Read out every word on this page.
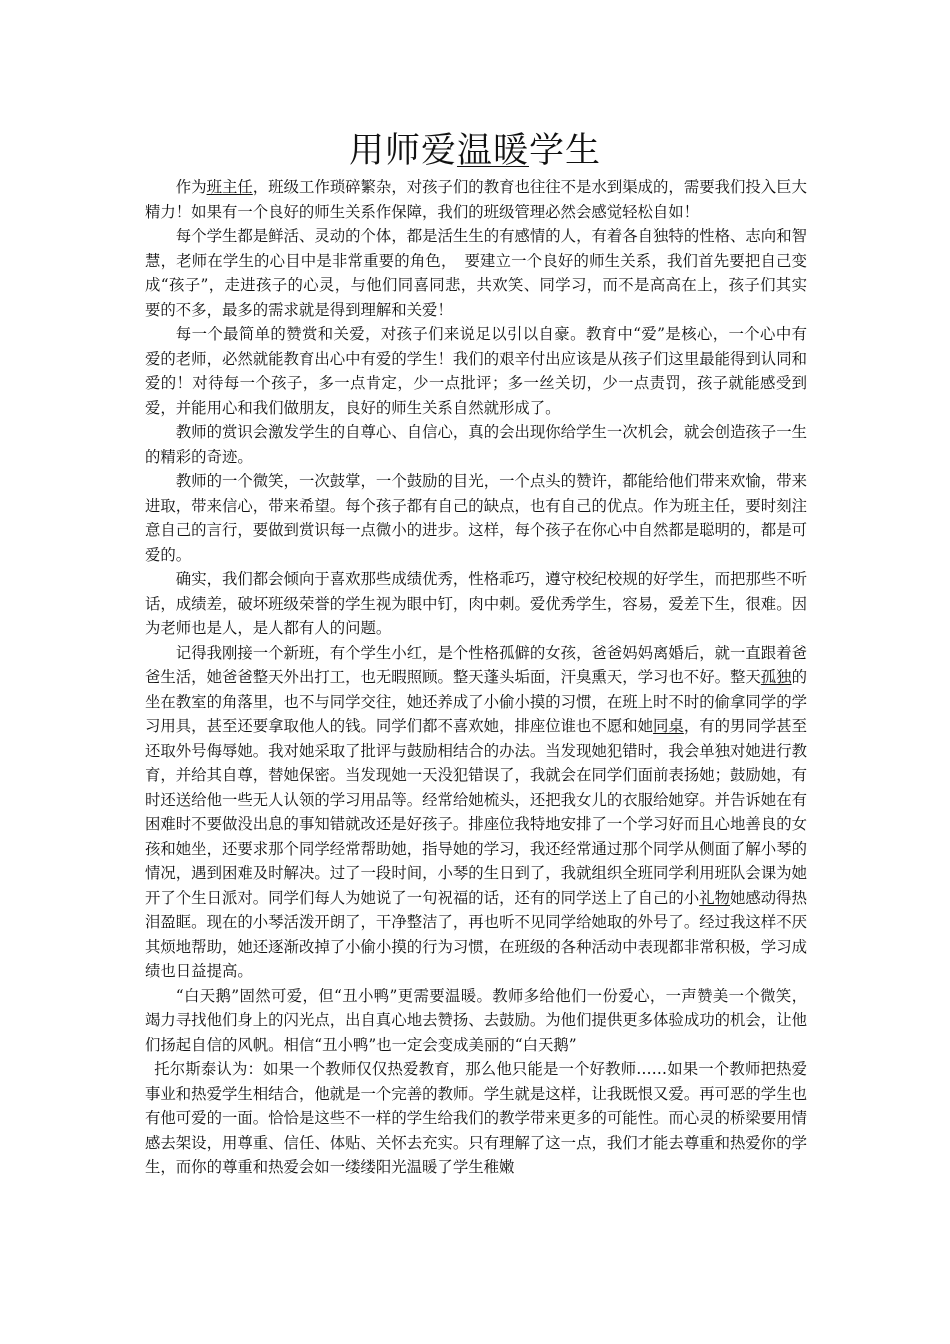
用师爱温暖学生

作为班主任，班级工作琐碎繁杂，对孩子们的教育也往往不是水到渠成的，需要我们投入巨大精力！如果有一个良好的师生关系作保障，我们的班级管理必然会感觉轻松自如！

每个学生都是鲜活、灵动的个体，都是活生生的有感情的人，有着各自独特的性格、志向和智慧，老师在学生的心目中是非常重要的角色，　要建立一个良好的师生关系，我们首先要把自己变成“孩子”，走进孩子的心灵，与他们同喜同悲，共欢笑、同学习，而不是高高在上，孩子们其实要的不多，最多的需求就是得到理解和关爱！

每一个最简单的赞赏和关爱，对孩子们来说足以引以自豪。教育中“爱”是核心，一个心中有爱的老师，必然就能教育出心中有爱的学生！我们的艰辛付出应该是从孩子们这里最能得到认同和爱的！对待每一个孩子，多一点肯定，少一点批评；多一丝关切，少一点责罚，孩子就能感受到爱，并能用心和我们做朋友，良好的师生关系自然就形成了。

教师的赏识会激发学生的自尊心、自信心，真的会出现你给学生一次机会，就会创造孩子一生的精彩的奇迹。

教师的一个微笑，一次鼓掌，一个鼓励的目光，一个点头的赞许，都能给他们带来欢愉，带来进取，带来信心，带来希望。每个孩子都有自己的缺点，也有自己的优点。作为班主任，要时刻注意自己的言行，要做到赏识每一点微小的进步。这样，每个孩子在你心中自然都是聪明的，都是可爱的。

确实，我们都会倾向于喜欢那些成绩优秀，性格乖巧，遵守校纪校规的好学生，而把那些不听话，成绩差，破坏班级荣誉的学生视为眼中钉，肉中刺。爱优秀学生，容易，爱差下生，很难。因为老师也是人，是人都有人的问题。

记得我刚接一个新班，有个学生小红，是个性格孤僻的女孩，爸爸妈妈离婚后，就一直跟着爸爸生活，她爸爸整天外出打工，也无暇照顾。整天蓬头垢面，汗臭熏天，学习也不好。整天孤独的坐在教室的角落里，也不与同学交往，她还养成了小偷小摸的习惯，在班上时不时的偷拿同学的学习用具，甚至还要拿取他人的钱。同学们都不喜欢她，排座位谁也不愿和她同桌，有的男同学甚至还取外号侮辱她。我对她采取了批评与鼓励相结合的办法。当发现她犯错时，我会单独对她进行教育，并给其自尊，替她保密。当发现她一天没犯错误了，我就会在同学们面前表扬她；鼓励她，有时还送给他一些无人认领的学习用品等。经常给她梳头，还把我女儿的衣服给她穿。并告诉她在有困难时不要做没出息的事知错就改还是好孩子。排座位我特地安排了一个学习好而且心地善良的女孩和她坐，还要求那个同学经常帮助她，指导她的学习，我还经常通过那个同学从侧面了解小琴的情况，遇到困难及时解决。过了一段时间，小琴的生日到了，我就组织全班同学利用班队会课为她开了个生日派对。同学们每人为她说了一句祝福的话，还有的同学送上了自己的小礼物她感动得热泪盈眶。现在的小琴活泼开朗了，干净整洁了，再也听不见同学给她取的外号了。经过我这样不厌其烦地帮助，她还逐渐改掉了小偷小摸的行为习惯，在班级的各种活动中表现都非常积极，学习成绩也日益提高。

“白天鹅”固然可爱，但“丑小鸭”更需要温暖。教师多给他们一份爱心，一声赞美一个微笑，竭力寻找他们身上的闪光点，出自真心地去赞扬、去鼓励。为他们提供更多体验成功的机会，让他们扬起自信的风帆。相信“丑小鸭”也一定会变成美丽的“白天鹅”

托尔斯泰认为：如果一个教师仅仅热爱教育，那么他只能是一个好教师……如果一个教师把热爱事业和热爱学生相结合，他就是一个完善的教师。学生就是这样，让我既恨又爱。再可恶的学生也有他可爱的一面。恰恰是这些不一样的学生给我们的教学带来更多的可能性。而心灵的桥梁要用情感去架设，用尊重、信任、体贴、关怀去充实。只有理解了这一点，我们才能去尊重和热爱你的学生，而你的尊重和热爱会如一缕缕阳光温暖了学生稚嫩
